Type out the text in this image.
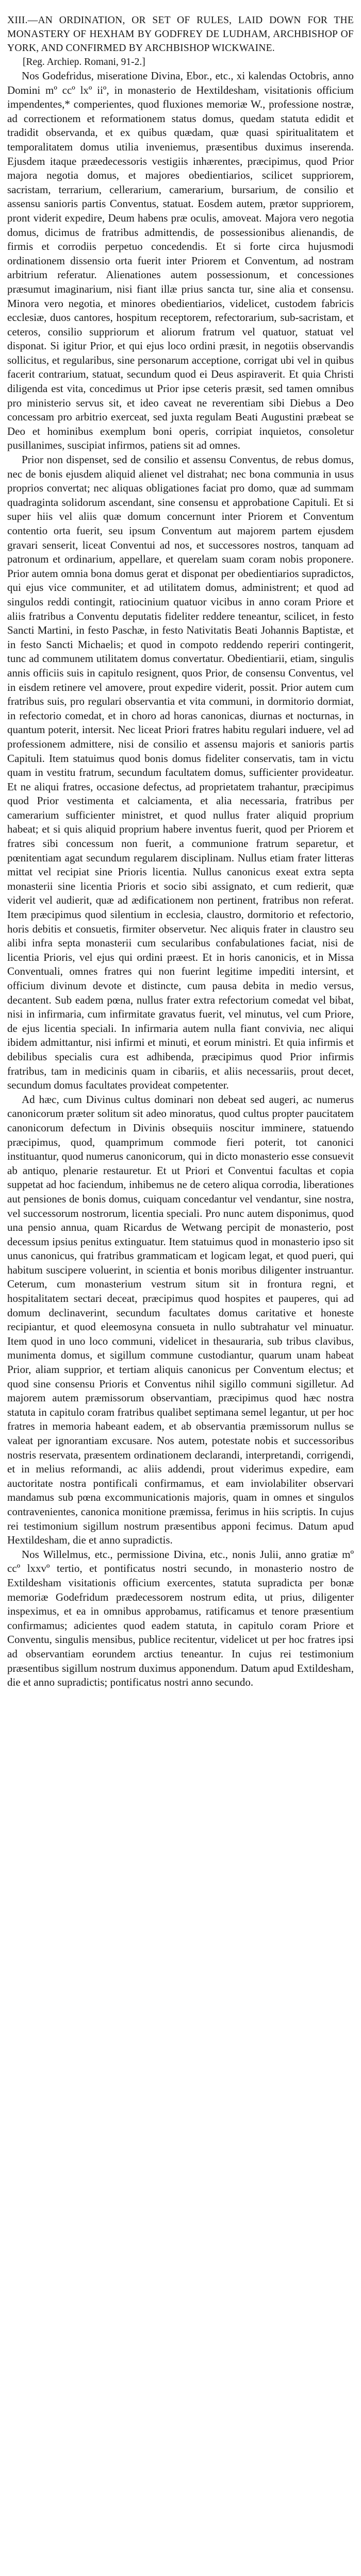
XIII.—AN ORDINATION, OR SET OF RULES, LAID DOWN FOR THE MONASTERY OF HEXHAM BY GODFREY DE LUDHAM, ARCHBISHOP OF YORK, AND CONFIRMED BY ARCHBISHOP WICKWAINE.

[Reg. Archiep. Romani, 91-2.]

Nos Godefridus, miseratione Divina, Ebor., etc., xi kalendas Octobris, anno Domini mº ccº lxº iiº, in monasterio de Hextildesham, visitationis officium impendentes,* comperientes, quod fluxiones memoriæ W., professione nostræ, ad correctionem et reformationem status domus, quedam statuta edidit et tradidit observanda, et ex quibus quædam, quæ quasi spiritualitatem et temporalitatem domus utilia inveniemus, præsentibus duximus inserenda. Ejusdem itaque præedecessoris vestigiis inhærentes, præcipimus, quod Prior majora negotia domus, et majores obedientiarios, scilicet suppriorem, sacristam, terrarium, cellerarium, camerarium, bursarium, de consilio et assensu sanioris partis Conventus, statuat. Eosdem autem, prætor suppriorem, pront viderit expedire, Deum habens præ oculis, amoveat. Majora vero negotia domus, dicimus de fratribus admittendis, de possessionibus alienandis, de firmis et corrodiis perpetuo concedendis. Et si forte circa hujusmodi ordinationem dissensio orta fuerit inter Priorem et Conventum, ad nostram arbitrium referatur. Alienationes autem possessionum, et concessiones præsumut imaginarium, nisi fiant illæ prius sancta tur, sine alia et consensu. Minora vero negotia, et minores obedientiarios, videlicet, custodem fabricis ecclesiæ, duos cantores, hospitum receptorem, refectorarium, sub-sacristam, et ceteros, consilio suppriorum et aliorum fratrum vel quatuor, statuat vel disponat. Si igitur Prior, et qui ejus loco ordini præsit, in negotiis observandis sollicitus, et regularibus, sine personarum acceptione, corrigat ubi vel in quibus facerit contrarium, statuat, secundum quod ei Deus aspiraverit. Et quia Christi diligenda est vita, concedimus ut Prior ipse ceteris præsit, sed tamen omnibus pro ministerio servus sit, et ideo caveat ne reverentiam sibi Diebus a Deo concessam pro arbitrio exerceat, sed juxta regulam Beati Augustini præbeat se Deo et hominibus exemplum boni operis, corripiat inquietos, consoletur pusillanimes, suscipiat infirmos, patiens sit ad omnes.

Prior non dispenset, sed de consilio et assensu Conventus, de rebus domus, nec de bonis ejusdem aliquid alienet vel distrahat; nec bona communia in usus proprios convertat; nec aliquas obligationes faciat pro domo, quæ ad summam quadraginta solidorum ascendant, sine consensu et approbatione Capituli. Et si super hiis vel aliis quæ domum concernunt inter Priorem et Conventum contentio orta fuerit, seu ipsum Conventum aut majorem partem ejusdem gravari senserit, liceat Conventui ad nos, et successores nostros, tanquam ad patronum et ordinarium, appellare, et querelam suam coram nobis proponere. Prior autem omnia bona domus gerat et disponat per obedientiarios supradictos, qui ejus vice communiter, et ad utilitatem domus, administrent; et quod ad singulos reddi contingit, ratiocinium quatuor vicibus in anno coram Priore et aliis fratribus a Conventu deputatis fideliter reddere teneantur, scilicet, in festo Sancti Martini, in festo Paschæ, in festo Nativitatis Beati Johannis Baptistæ, et in festo Sancti Michaelis; et quod in compoto reddendo reperiri contingerit, tunc ad communem utilitatem domus convertatur. Obedientiarii, etiam, singulis annis officiis suis in capitulo resignent, quos Prior, de consensu Conventus, vel in eisdem retinere vel amovere, prout expedire viderit, possit. Prior autem cum fratribus suis, pro regulari observantia et vita communi, in dormitorio dormiat, in refectorio comedat, et in choro ad horas canonicas, diurnas et nocturnas, in quantum poterit, intersit. Nec liceat Priori fratres habitu regulari induere, vel ad professionem admittere, nisi de consilio et assensu majoris et sanioris partis Capituli. Item statuimus quod bonis domus fideliter conservatis, tam in victu quam in vestitu fratrum, secundum facultatem domus, sufficienter provideatur. Et ne aliqui fratres, occasione defectus, ad proprietatem trahantur, præcipimus quod Prior vestimenta et calciamenta, et alia necessaria, fratribus per camerarium sufficienter ministret, et quod nullus frater aliquid proprium habeat; et si quis aliquid proprium habere inventus fuerit, quod per Priorem et fratres sibi concessum non fuerit, a communione fratrum separetur, et pœnitentiam agat secundum regularem disciplinam. Nullus etiam frater litteras mittat vel recipiat sine Prioris licentia. Nullus canonicus exeat extra septa monasterii sine licentia Prioris et socio sibi assignato, et cum redierit, quæ viderit vel audierit, quæ ad ædificationem non pertinent, fratribus non referat. Item præcipimus quod silentium in ecclesia, claustro, dormitorio et refectorio, horis debitis et consuetis, firmiter observetur. Nec aliquis frater in claustro seu alibi infra septa monasterii cum secularibus confabulationes faciat, nisi de licentia Prioris, vel ejus qui ordini præest. Et in horis canonicis, et in Missa Conventuali, omnes fratres qui non fuerint legitime impediti intersint, et officium divinum devote et distincte, cum pausa debita in medio versus, decantent. Sub eadem pœna, nullus frater extra refectorium comedat vel bibat, nisi in infirmaria, cum infirmitate gravatus fuerit, vel minutus, vel cum Priore, de ejus licentia speciali. In infirmaria autem nulla fiant convivia, nec aliqui ibidem admittantur, nisi infirmi et minuti, et eorum ministri. Et quia infirmis et debilibus specialis cura est adhibenda, præcipimus quod Prior infirmis fratribus, tam in medicinis quam in cibariis, et aliis necessariis, prout decet, secundum domus facultates provideat competenter.

Ad hæc, cum Divinus cultus dominari non debeat sed augeri, ac numerus canonicorum præter solitum sit adeo minoratus, quod cultus propter paucitatem canonicorum defectum in Divinis obsequiis noscitur imminere, statuendo præcipimus, quod, quamprimum commode fieri poterit, tot canonici instituantur, quod numerus canonicorum, qui in dicto monasterio esse consuevit ab antiquo, plenarie restauretur. Et ut Priori et Conventui facultas et copia suppetat ad hoc faciendum, inhibemus ne de cetero aliqua corrodia, liberationes aut pensiones de bonis domus, cuiquam concedantur vel vendantur, sine nostra, vel successorum nostrorum, licentia speciali. Pro nunc autem disponimus, quod una pensio annua, quam Ricardus de Wetwang percipit de monasterio, post decessum ipsius penitus extinguatur. Item statuimus quod in monasterio ipso sit unus canonicus, qui fratribus grammaticam et logicam legat, et quod pueri, qui habitum suscipere voluerint, in scientia et bonis moribus diligenter instruantur. Ceterum, cum monasterium vestrum situm sit in frontura regni, et hospitalitatem sectari deceat, præcipimus quod hospites et pauperes, qui ad domum declinaverint, secundum facultates domus caritative et honeste recipiantur, et quod eleemosyna consueta in nullo subtrahatur vel minuatur. Item quod in uno loco communi, videlicet in thesauraria, sub tribus clavibus, munimenta domus, et sigillum commune custodiantur, quarum unam habeat Prior, aliam supprior, et tertiam aliquis canonicus per Conventum electus; et quod sine consensu Prioris et Conventus nihil sigillo communi sigilletur. Ad majorem autem præmissorum observantiam, præcipimus quod hæc nostra statuta in capitulo coram fratribus qualibet septimana semel legantur, ut per hoc fratres in memoria habeant eadem, et ab observantia præmissorum nullus se valeat per ignorantiam excusare. Nos autem, potestate nobis et successoribus nostris reservata, præsentem ordinationem declarandi, interpretandi, corrigendi, et in melius reformandi, ac aliis addendi, prout viderimus expedire, eam auctoritate nostra pontificali confirmamus, et eam inviolabiliter observari mandamus sub pœna excommunicationis majoris, quam in omnes et singulos contravenientes, canonica monitione præmissa, ferimus in hiis scriptis. In cujus rei testimonium sigillum nostrum præsentibus apponi fecimus. Datum apud Hextildesham, die et anno supradictis.

Nos Willelmus, etc., permissione Divina, etc., nonis Julii, anno gratiæ mº ccº lxxvº tertio, et pontificatus nostri secundo, in monasterio nostro de Extildesham visitationis officium exercentes, statuta supradicta per bonæ memoriæ Godefridum prædecessorem nostrum edita, ut prius, diligenter inspeximus, et ea in omnibus approbamus, ratificamus et tenore præsentium confirmamus; adicientes quod eadem statuta, in capitulo coram Priore et Conventu, singulis mensibus, publice recitentur, videlicet ut per hoc fratres ipsi ad observantiam eorundem arctius teneantur. In cujus rei testimonium præsentibus sigillum nostrum duximus apponendum. Datum apud Extildesham, die et anno supradictis; pontificatus nostri anno secundo.
